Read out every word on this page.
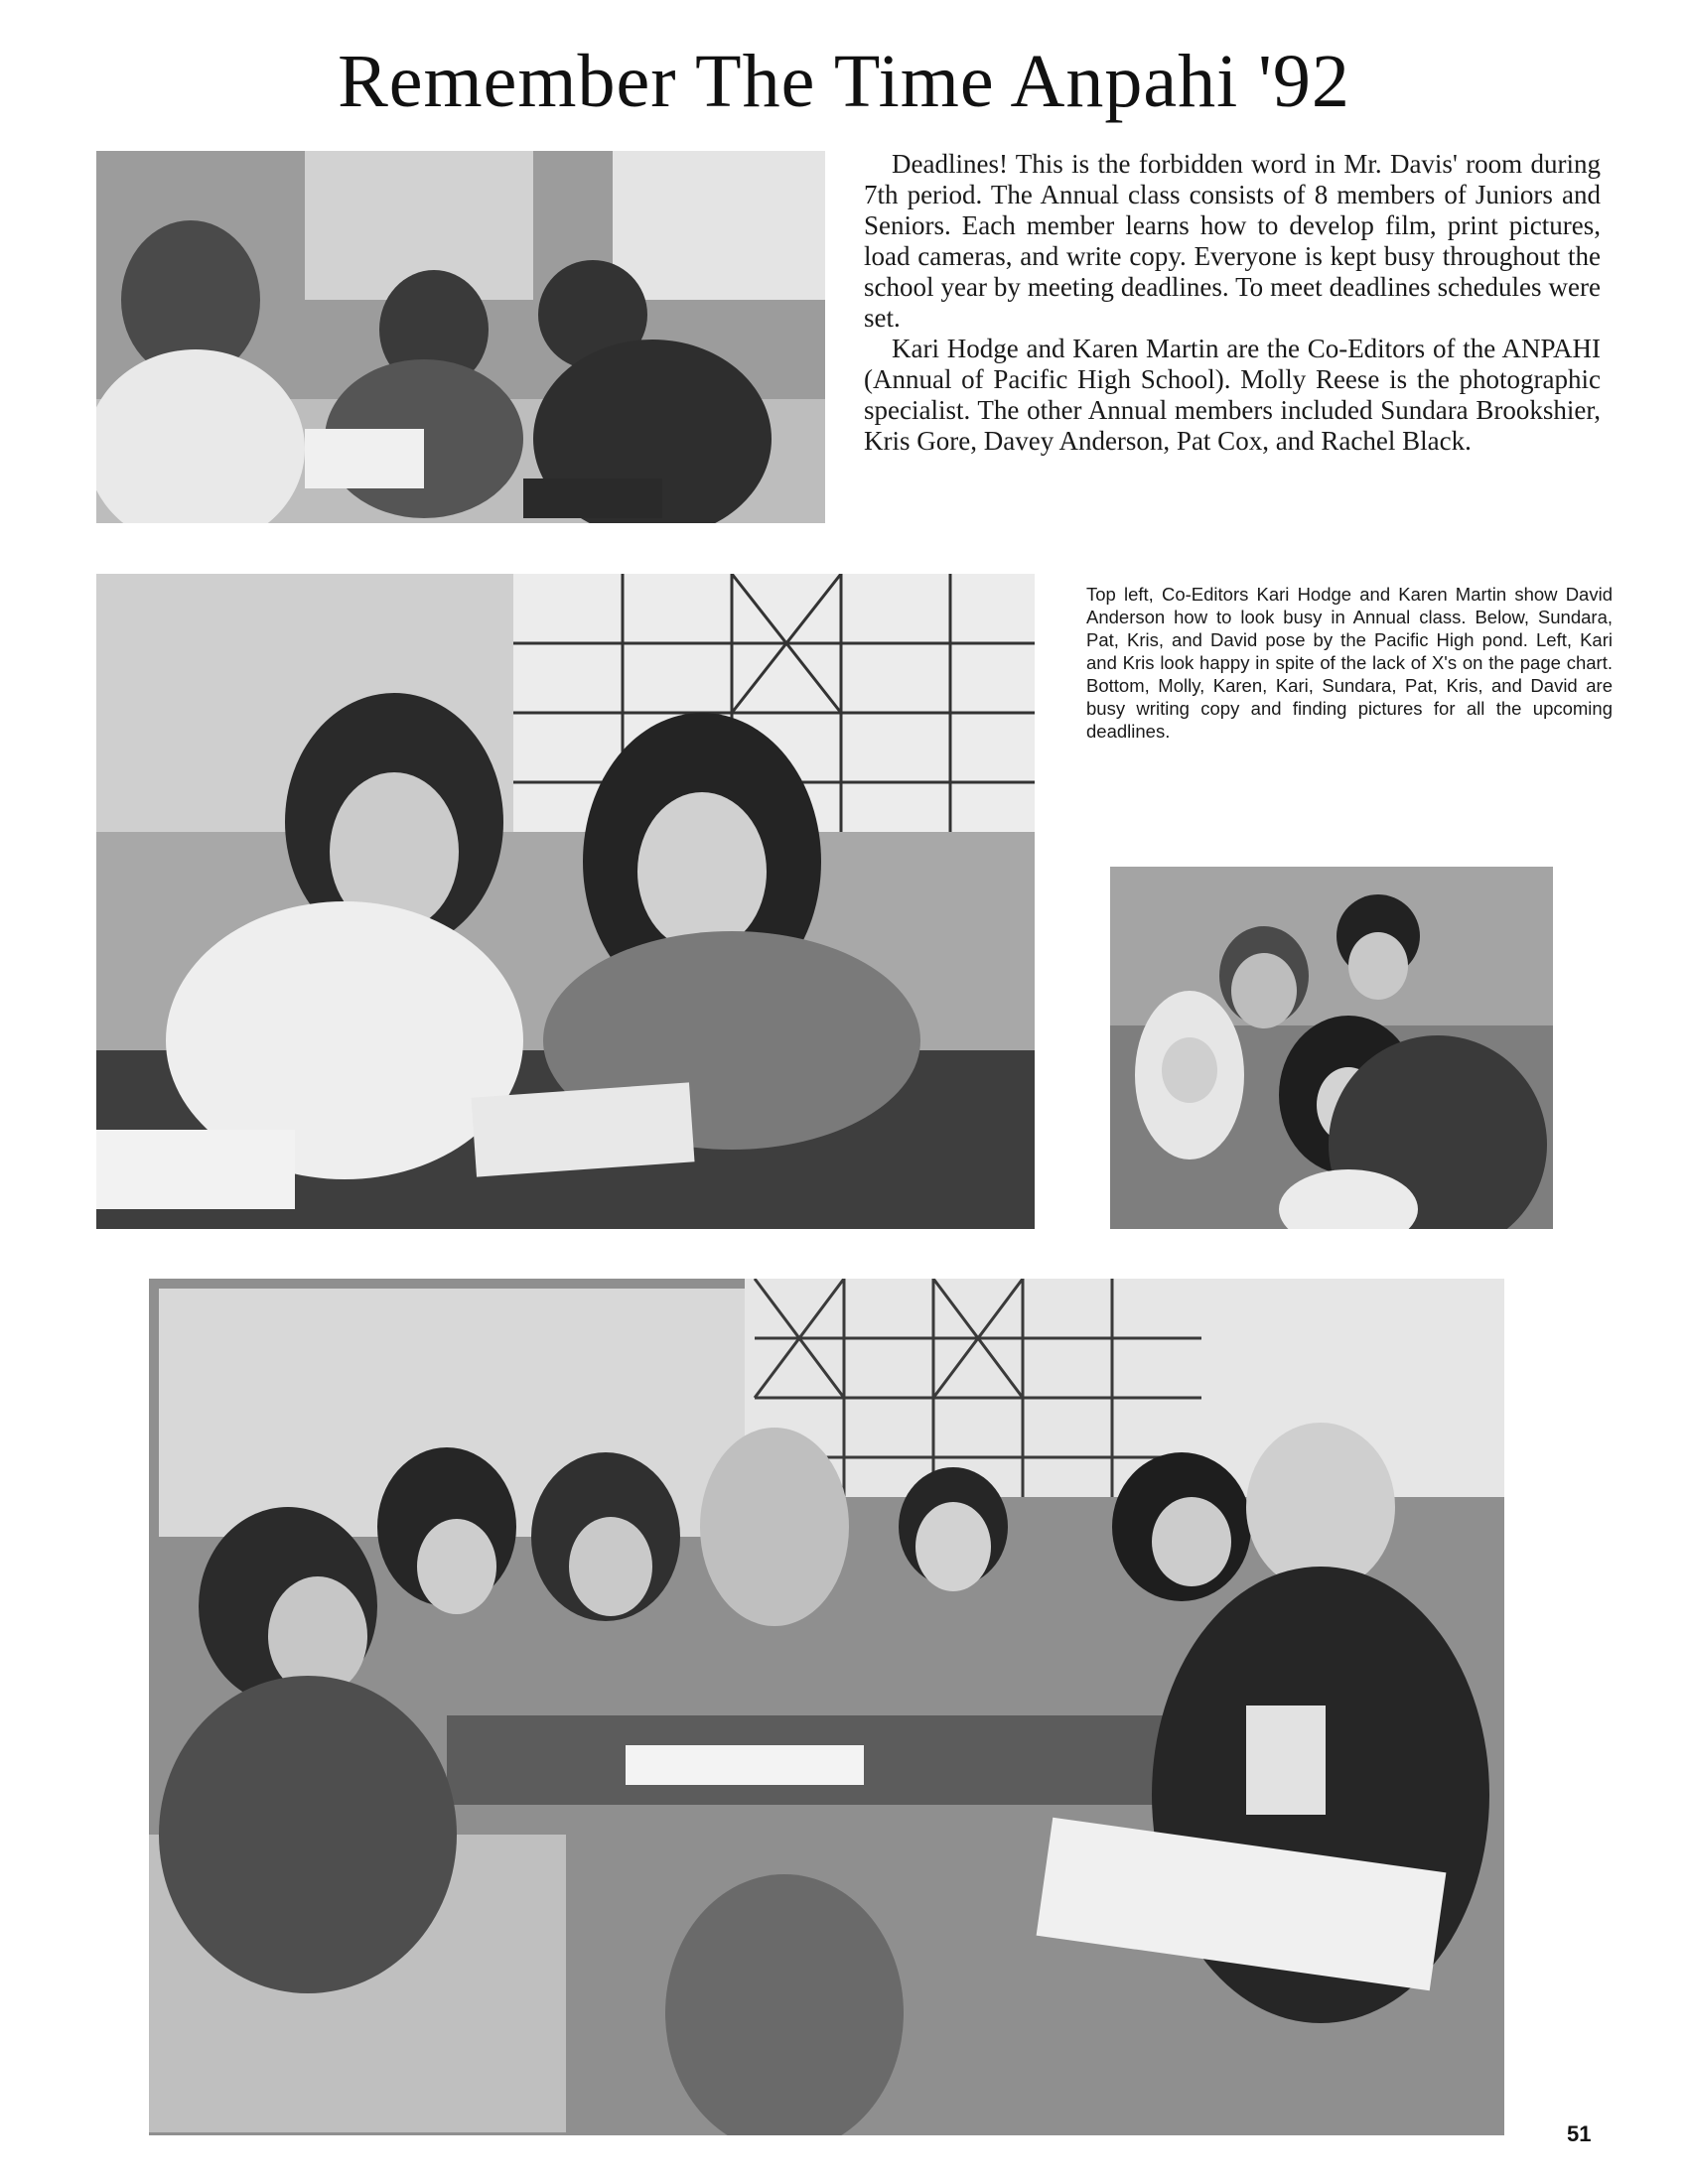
Remember The Time Anpahi '92

Deadlines! This is the forbidden word in Mr. Davis' room during 7th period. The Annual class consists of 8 members of Juniors and Seniors. Each member learns how to develop film, print pictures, load cameras, and write copy. Everyone is kept busy throughout the school year by meeting deadlines. To meet deadlines schedules were set.

Kari Hodge and Karen Martin are the Co-Editors of the ANPAHI (Annual of Pacific High School). Molly Reese is the photographic specialist. The other Annual members included Sundara Brookshier, Kris Gore, Davey Anderson, Pat Cox, and Rachel Black.

Top left, Co-Editors Kari Hodge and Karen Martin show David Anderson how to look busy in Annual class. Below, Sundara, Pat, Kris, and David pose by the Pacific High pond. Left, Kari and Kris look happy in spite of the lack of X's on the page chart. Bottom, Molly, Karen, Kari, Sundara, Pat, Kris, and David are busy writing copy and finding pictures for all the upcoming deadlines.

51
